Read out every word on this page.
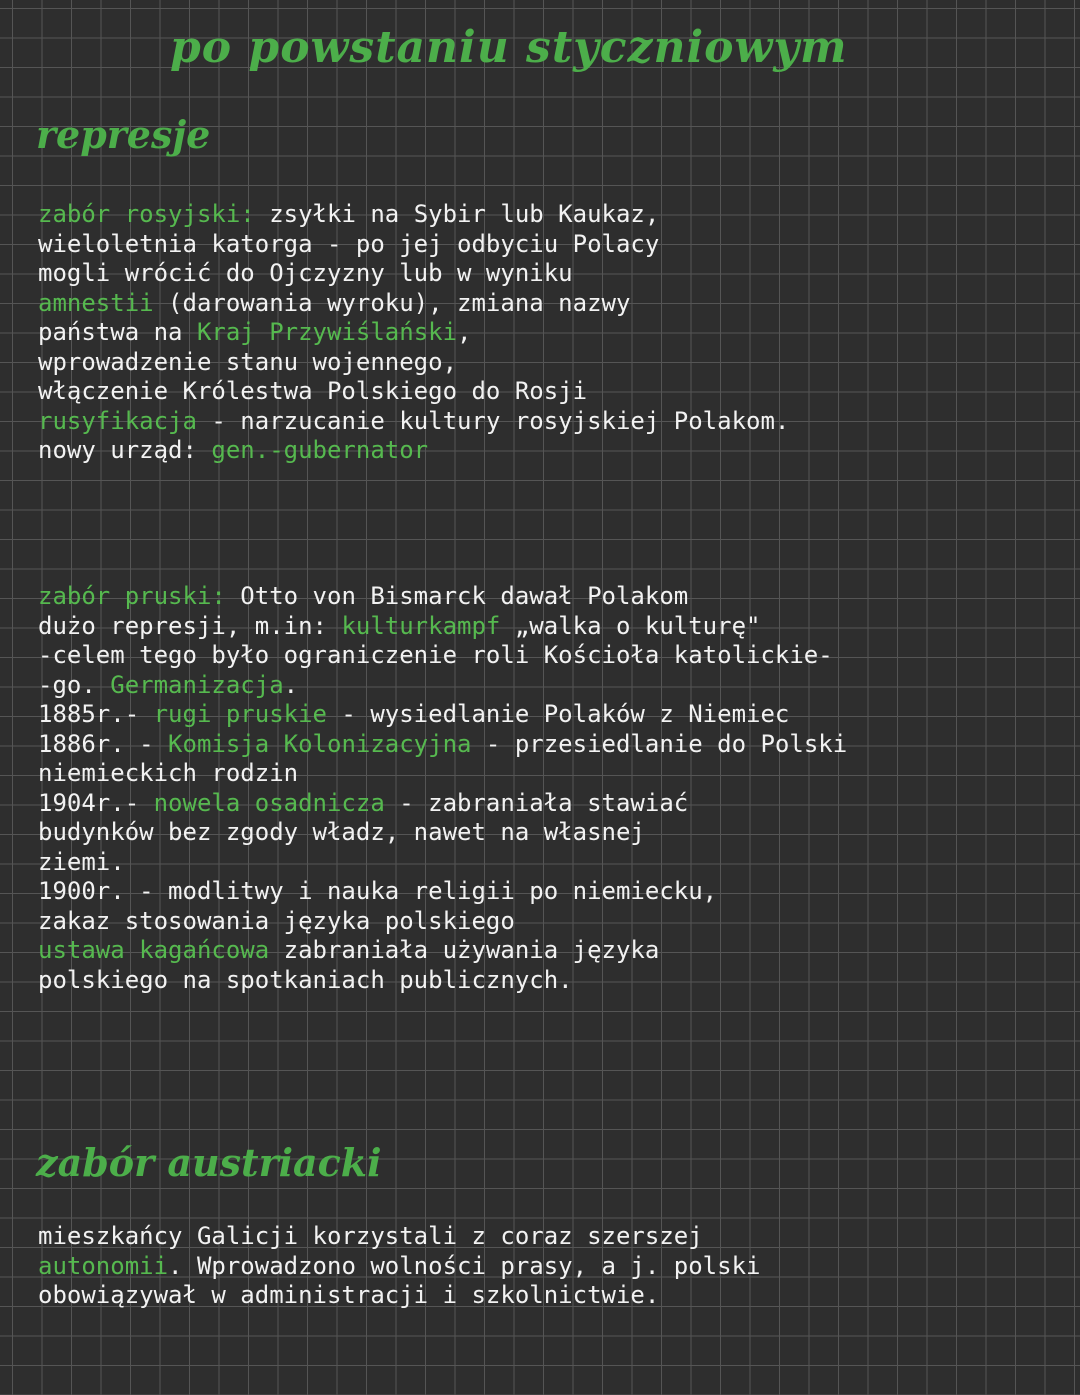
po powstaniu styczniowym
represje
zabór rosyjski: zsyłki na Sybir lub Kaukaz,
wieloletnia katorga - po jej odbyciu Polacy
mogli wrócić do Ojczyzny lub w wyniku
amnestii (darowania wyroku), zmiana nazwy
państwa na Kraj Przywiślański,
wprowadzenie stanu wojennego,
włączenie Królestwa Polskiego do Rosji
rusyfikacja - narzucanie kultury rosyjskiej Polakom.
nowy urząd: gen.-gubernator
zabór pruski: Otto von Bismarck dawał Polakom
dużo represji, m.in: kulturkampf „walka o kulturę"
-celem tego było ograniczenie roli Kościoła katolickie-
-go. Germanizacja.
1885r.- rugi pruskie - wysiedlanie Polaków z Niemiec
1886r. - Komisja Kolonizacyjna - przesiedlanie do Polski
niemieckich rodzin
1904r.- nowela osadnicza - zabraniała stawiać
budynków bez zgody władz, nawet na własnej
ziemi.
1900r. - modlitwy i nauka religii po niemiecku,
zakaz stosowania języka polskiego
ustawa kagańcowa zabraniała używania języka
polskiego na spotkaniach publicznych.
zabór austriacki
mieszkańcy Galicji korzystali z coraz szerszej
autonomii. Wprowadzono wolności prasy, a j. polski
obowiązywał w administracji i szkolnictwie.
